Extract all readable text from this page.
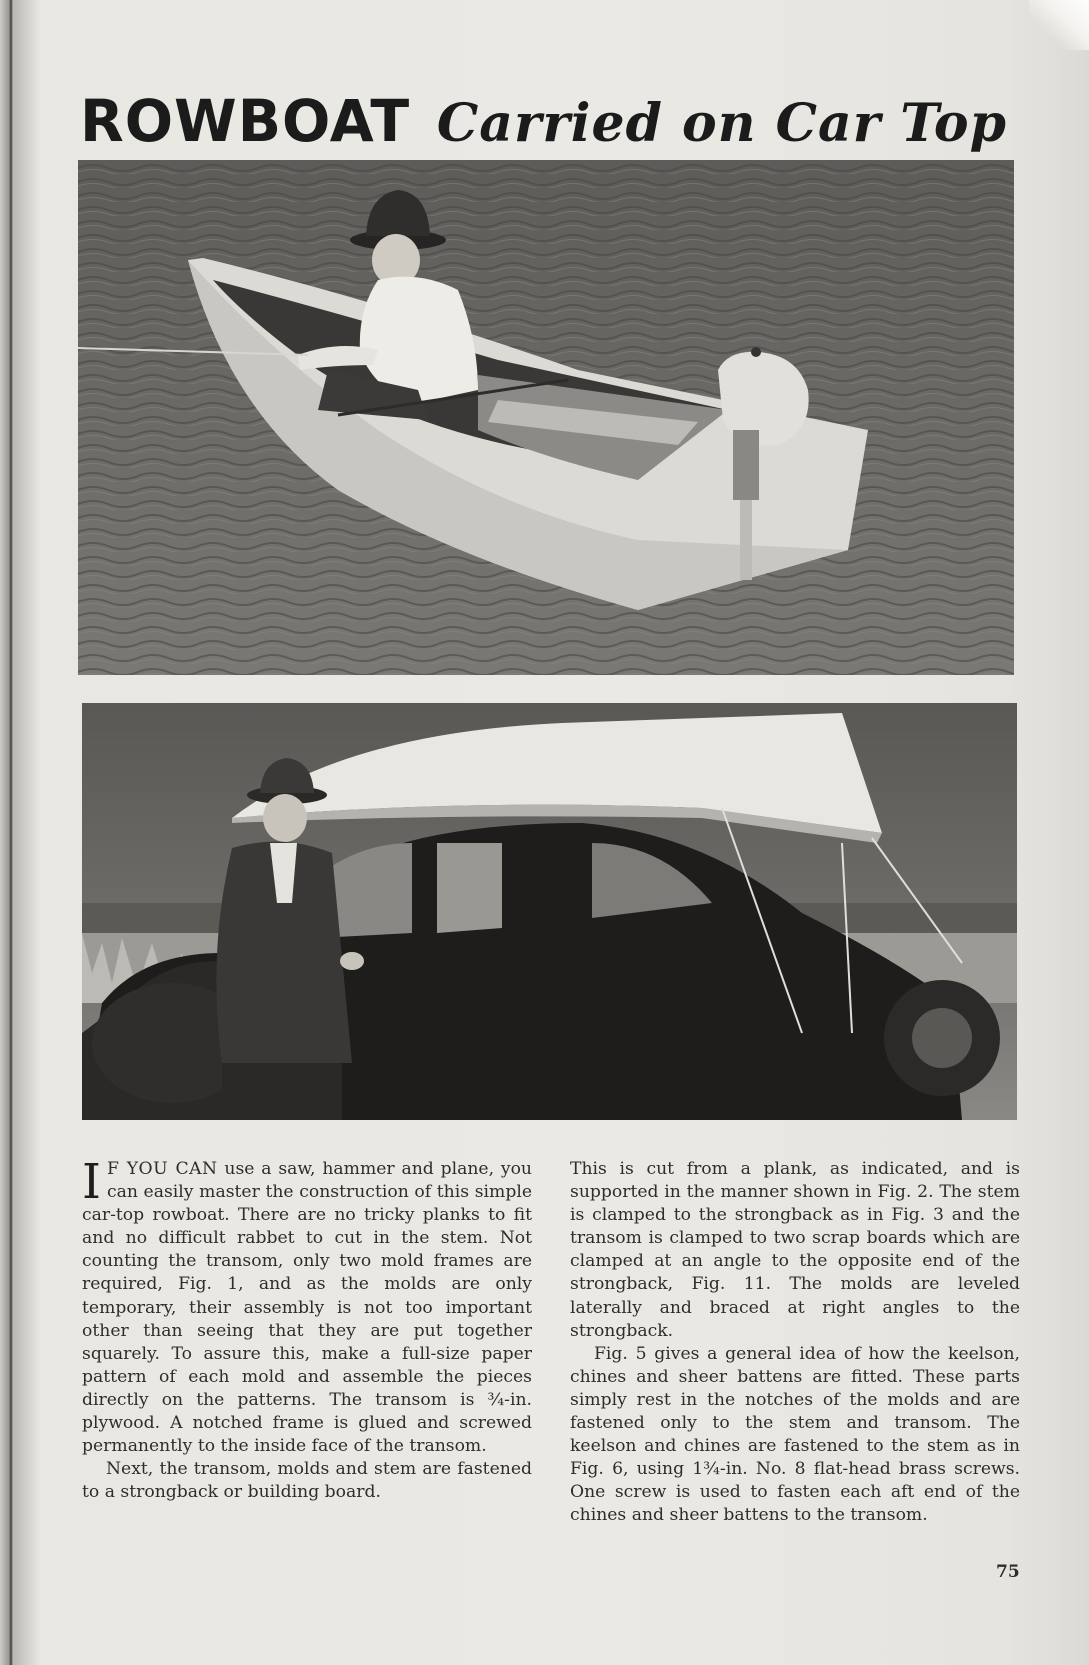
ROWBOAT Carried on Car Top

I F YOU CAN use a saw, hammer and plane, you can easily master the construction of this simple car-top rowboat. There are no tricky planks to fit and no difficult rabbet to cut in the stem. Not counting the transom, only two mold frames are required, Fig. 1, and as the molds are only temporary, their assembly is not too important other than seeing that they are put together squarely. To assure this, make a full-size paper pattern of each mold and assemble the pieces directly on the patterns. The transom is ¾-in. plywood. A notched frame is glued and screwed permanently to the inside face of the transom.

Next, the transom, molds and stem are fastened to a strongback or building board.

This is cut from a plank, as indicated, and is supported in the manner shown in Fig. 2. The stem is clamped to the strongback as in Fig. 3 and the transom is clamped to two scrap boards which are clamped at an angle to the opposite end of the strongback, Fig. 11. The molds are leveled laterally and braced at right angles to the strongback.

Fig. 5 gives a general idea of how the keelson, chines and sheer battens are fitted. These parts simply rest in the notches of the molds and are fastened only to the stem and transom. The keelson and chines are fastened to the stem as in Fig. 6, using 1¾-in. No. 8 flat-head brass screws. One screw is used to fasten each aft end of the chines and sheer battens to the transom.

75
